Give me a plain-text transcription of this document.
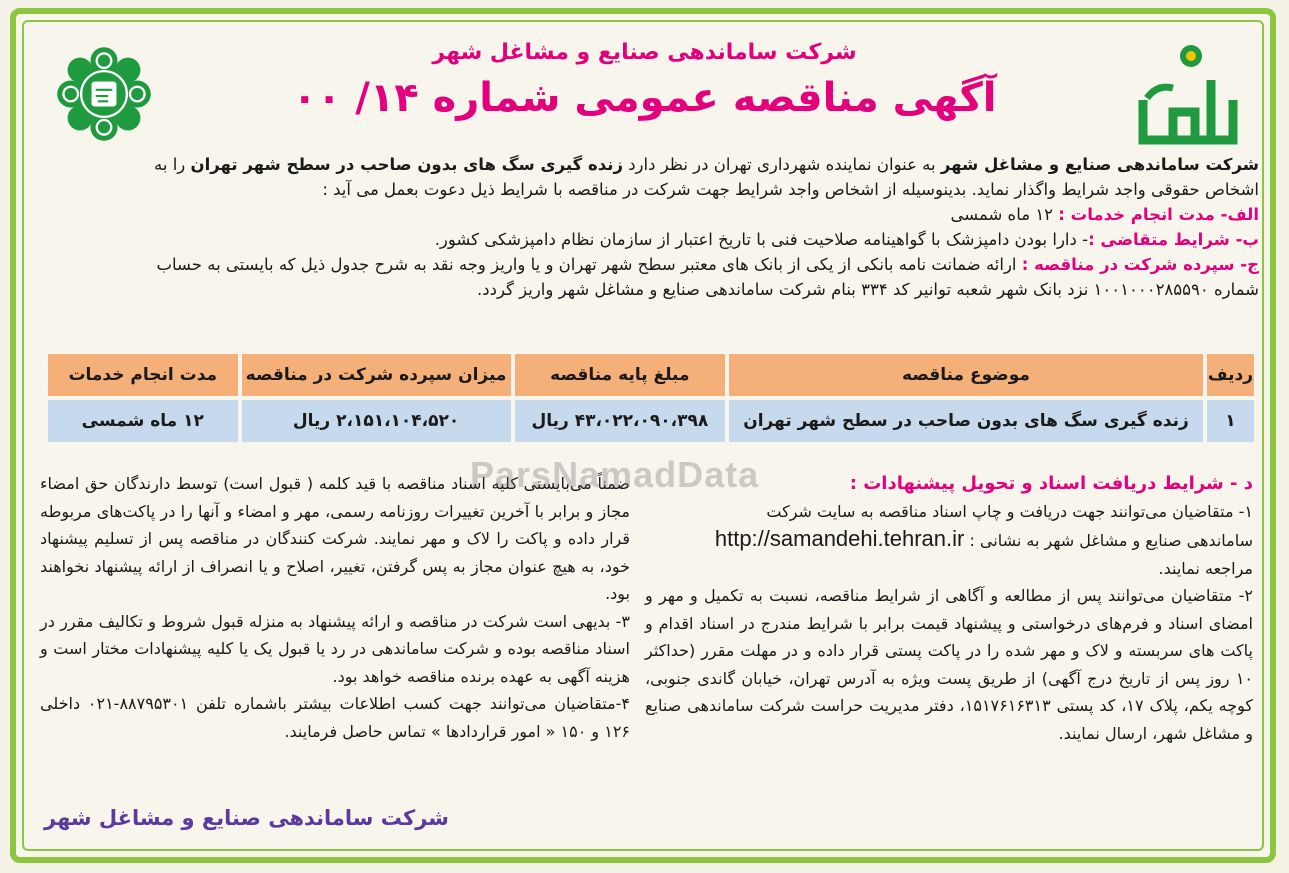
شرکت ساماندهی صنایع و مشاغل شهر
آگهی مناقصه عمومی شماره ۱۴/ ۰۰
شرکت ساماندهی صنایع و مشاغل شهر به عنوان نماینده شهرداری تهران در نظر دارد زنده گیری سگ های بدون صاحب در سطح شهر تهران را به
اشخاص حقوقی واجد شرایط واگذار نماید. بدینوسیله از اشخاص واجد شرایط جهت شرکت در مناقصه با شرایط ذیل دعوت بعمل می آید :
الف- مدت انجام خدمات : ۱۲ ماه شمسی
ب- شرایط متقاضی :- دارا بودن دامپزشک با گواهینامه صلاحیت فنی با تاریخ اعتبار از سازمان نظام دامپزشکی کشور.
ج- سپرده شرکت در مناقصه : ارائه ضمانت نامه بانکی از یکی از بانک های معتبر سطح شهر تهران و یا واریز وجه نقد به شرح جدول ذیل که بایستی به حساب
شماره ۱۰۰۱۰۰۰۲۸۵۵۹۰ نزد بانک شهر شعبه توانیر کد ۳۳۴ بنام شرکت ساماندهی صنایع و مشاغل شهر واریز گردد.
ردیف	موضوع مناقصه	مبلغ پایه مناقصه	میزان سپرده شرکت در مناقصه	مدت انجام خدمات
۱	زنده گیری سگ های بدون صاحب در سطح شهر تهران	۴۳،۰۲۲،۰۹۰،۳۹۸ ریال	۲،۱۵۱،۱۰۴،۵۲۰ ریال	۱۲ ماه شمسی
د - شرایط دریافت اسناد و تحویل پیشنهادات :
۱- متقاضیان می‌توانند جهت دریافت و چاپ اسناد مناقصه به سایت شرکت
ساماندهی صنایع و مشاغل شهر به نشانی : http://samandehi.tehran.ir
مراجعه نمایند.
۲- متقاضیان می‌توانند پس از مطالعه و آگاهی از شرایط مناقصه، نسبت به تکمیل و مهر و امضای اسناد و فرم‌های درخواستی و پیشنهاد قیمت برابر با شرایط مندرج در اسناد اقدام و پاکت های سربسته و لاک و مهر شده را در پاکت پستی قرار داده و در مهلت مقرر (حداکثر ۱۰ روز پس از تاریخ درج آگهی) از طریق پست ویژه به آدرس تهران، خیابان گاندی جنوبی، کوچه یکم، پلاک ۱۷، کد پستی ۱۵۱۷۶۱۶۳۱۳، دفتر مدیریت حراست شرکت ساماندهی صنایع و مشاغل شهر، ارسال نمایند.
ضمناً می‌بایستی کلیه اسناد مناقصه با قید کلمه ( قبول است) توسط دارندگان حق امضاء مجاز و برابر با آخرین تغییرات روزنامه رسمی، مهر و امضاء و آنها را در پاکت‌های مربوطه قرار داده و پاکت را لاک و مهر نمایند. شرکت کنندگان در مناقصه پس از تسلیم پیشنهاد خود، به هیچ عنوان مجاز به پس گرفتن، تغییر، اصلاح و یا انصراف از ارائه پیشنهاد نخواهند بود.
۳- بدیهی است شرکت در مناقصه و ارائه پیشنهاد به منزله قبول شروط و تکالیف مقرر در اسناد مناقصه بوده و شرکت ساماندهی در رد یا قبول یک یا کلیه پیشنهادات مختار است و هزینه آگهی به عهده برنده مناقصه خواهد بود.
۴-متقاضیان می‌توانند جهت کسب اطلاعات بیشتر باشماره تلفن ۸۸۷۹۵۳۰۱-۰۲۱ داخلی ۱۲۶ و ۱۵۰ « امور قراردادها » تماس حاصل فرمایند.
ParsNamadData
شرکت ساماندهی صنایع و مشاغل شهر
